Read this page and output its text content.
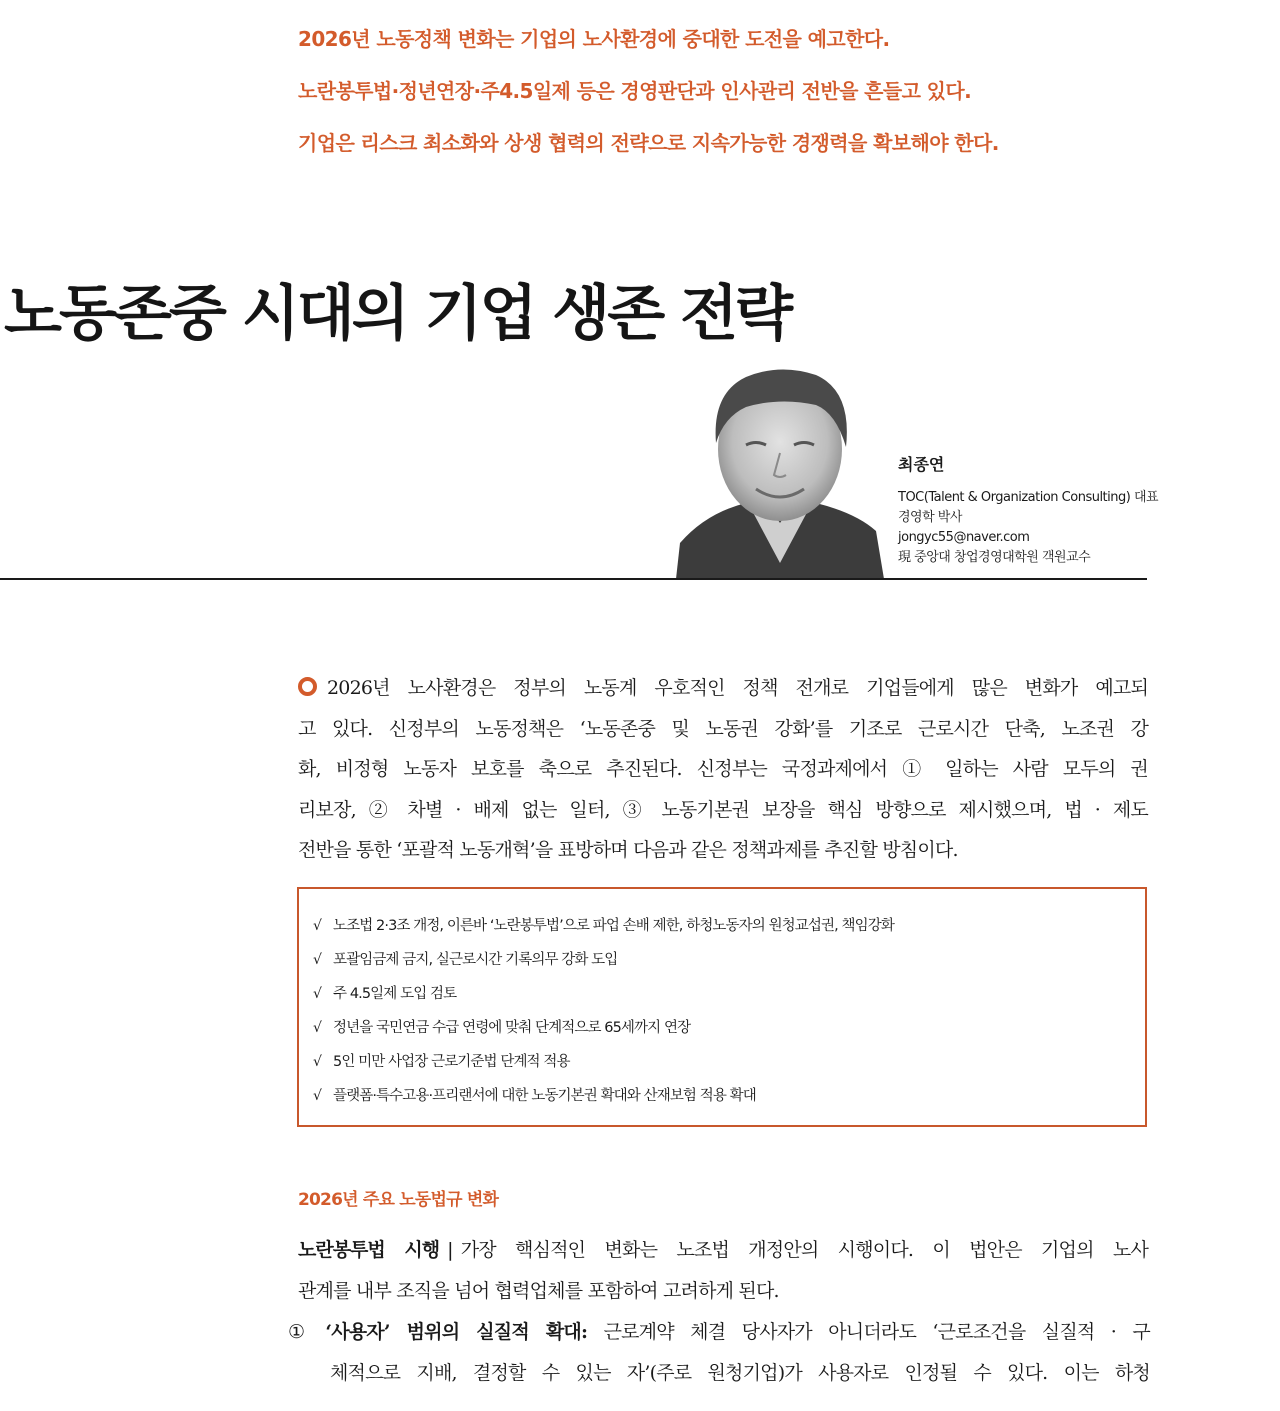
2026년 노동정책 변화는 기업의 노사환경에 중대한 도전을 예고한다.

노란봉투법·정년연장·주4.5일제 등은 경영판단과 인사관리 전반을 흔들고 있다.

기업은 리스크 최소화와 상생 협력의 전략으로 지속가능한 경쟁력을 확보해야 한다.

노동존중 시대의 기업 생존 전략
최종연
TOC(Talent & Organization Consulting) 대표
경영학 박사
jongyc55@naver.com
現 중앙대 창업경영대학원 객원교수
2026년 노사환경은 정부의 노동계 우호적인 정책 전개로 기업들에게 많은 변화가 예고되
고 있다. 신정부의 노동정책은 ‘노동존중 및 노동권 강화’를 기조로 근로시간 단축, 노조권 강
화, 비정형 노동자 보호를 축으로 추진된다. 신정부는 국정과제에서 ① 일하는 사람 모두의 권
리보장, ② 차별 · 배제 없는 일터, ③ 노동기본권 보장을 핵심 방향으로 제시했으며, 법 · 제도
전반을 통한 ‘포괄적 노동개혁’을 표방하며 다음과 같은 정책과제를 추진할 방침이다.
√ 노조법 2·3조 개정, 이른바 ‘노란봉투법’으로 파업 손배 제한, 하청노동자의 원청교섭권, 책임강화
√ 포괄임금제 금지, 실근로시간 기록의무 강화 도입
√ 주 4.5일제 도입 검토
√ 정년을 국민연금 수급 연령에 맞춰 단계적으로 65세까지 연장
√ 5인 미만 사업장 근로기준법 단계적 적용
√ 플랫폼·특수고용·프리랜서에 대한 노동기본권 확대와 산재보험 적용 확대
2026년 주요 노동법규 변화
노란봉투법 시행 | 가장 핵심적인 변화는 노조법 개정안의 시행이다. 이 법안은 기업의 노사
관계를 내부 조직을 넘어 협력업체를 포함하여 고려하게 된다.
① ‘사용자’ 범위의 실질적 확대: 근로계약 체결 당사자가 아니더라도 ‘근로조건을 실질적 · 구
체적으로 지배, 결정할 수 있는 자’(주로 원청기업)가 사용자로 인정될 수 있다. 이는 하청
